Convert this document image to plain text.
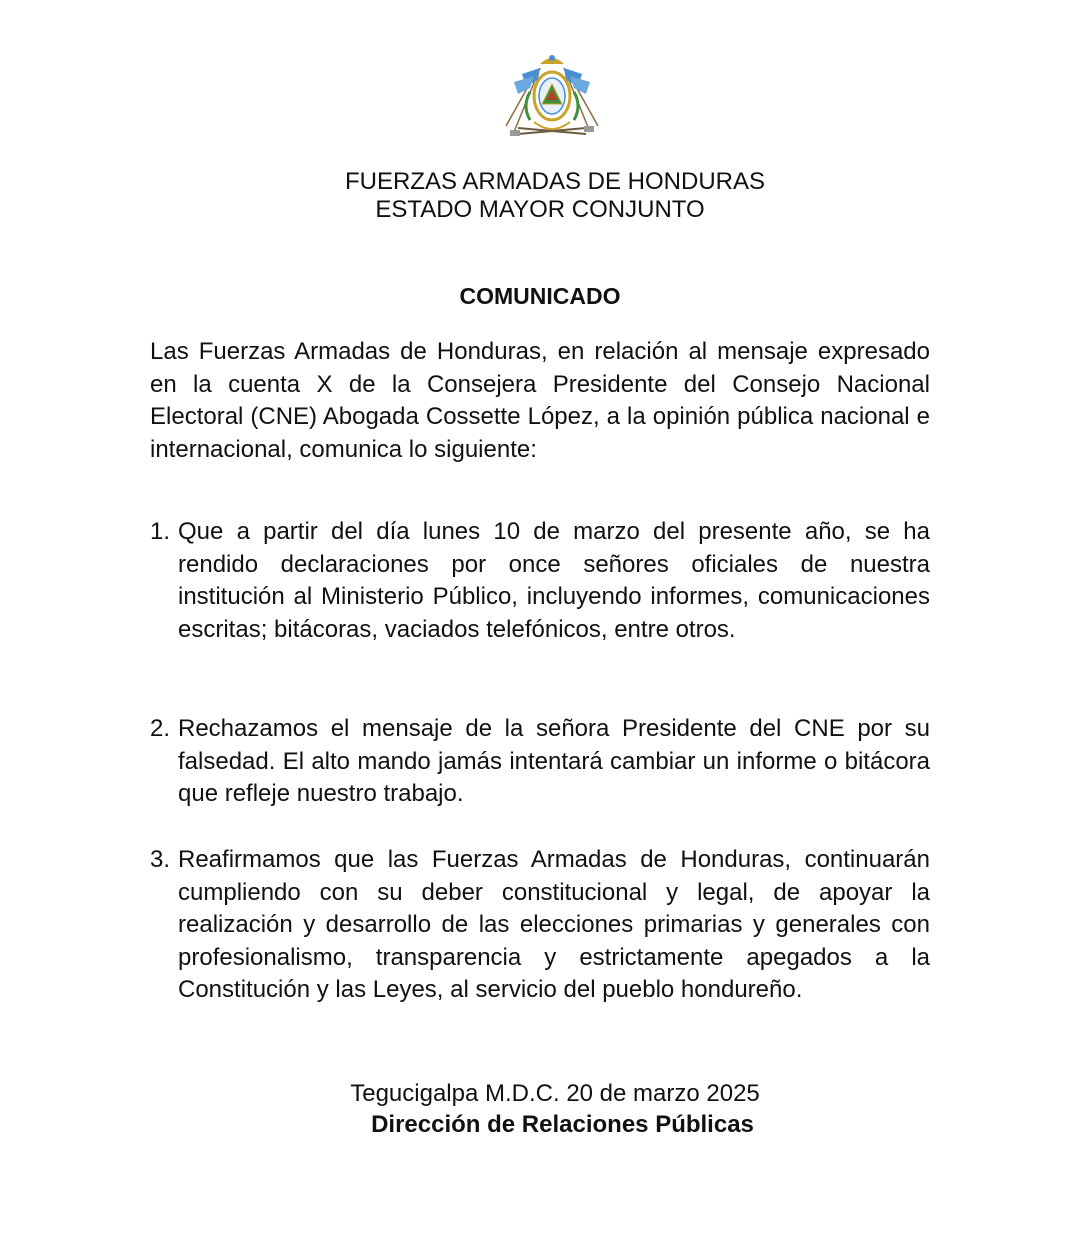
FUERZAS ARMADAS DE HONDURAS
ESTADO MAYOR CONJUNTO
COMUNICADO

Las Fuerzas Armadas de Honduras, en relación al mensaje expresado en la cuenta X de la Consejera Presidente del Consejo Nacional Electoral (CNE) Abogada Cossette López, a la opinión pública nacional e internacional, comunica lo siguiente:

1. Que a partir del día lunes 10 de marzo del presente año, se ha rendido declaraciones por once señores oficiales de nuestra institución al Ministerio Público, incluyendo informes, comunicaciones escritas; bitácoras, vaciados telefónicos, entre otros.
2. Rechazamos el mensaje de la señora Presidente del CNE por su falsedad. El alto mando jamás intentará cambiar un informe o bitácora que refleje nuestro trabajo.
3. Reafirmamos que las Fuerzas Armadas de Honduras, continuarán cumpliendo con su deber constitucional y legal, de apoyar la realización y desarrollo de las elecciones primarias y generales con profesionalismo, transparencia y estrictamente apegados a la Constitución y las Leyes, al servicio del pueblo hondureño.
Tegucigalpa M.D.C. 20 de marzo 2025
Dirección de Relaciones Públicas
